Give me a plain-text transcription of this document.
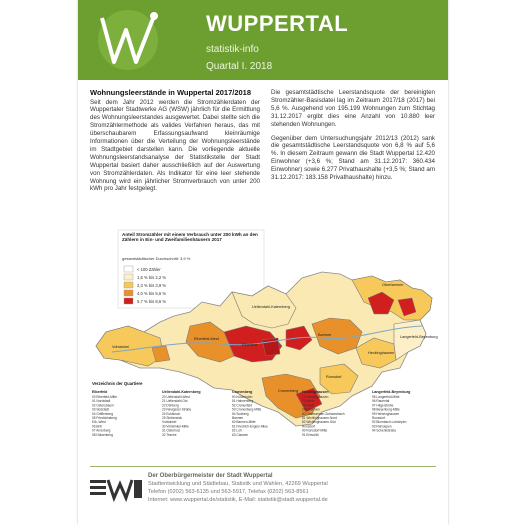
WUPPERTAL
statistik-info
Quartal I. 2018
Wohnungsleerstände in Wuppertal 2017/2018

Seit dem Jahr 2012 werden die Stromzählerdaten der Wuppertaler Stadtwerke AG (WSW) jährlich für die Ermittlung des Wohnungsleerstandes ausgewertet. Dabei stellte sich die Stromzählermethode als valides Verfahren heraus, das mit überschaubarem Erfassungsaufwand kleinräumige Informationen über die Verteilung der Wohnungsleerstände im Stadtgebiet darstellen kann. Die vorliegende aktuelle Wohnungsleerstandsanalyse der Statistikstelle der Stadt Wuppertal basiert daher ausschließlich auf der Auswertung von Stromzählerdaten. Als Indikator für eine leer stehende Wohnung wird ein jährlicher Stromverbrauch von unter 200 kWh pro Jahr festgelegt.

Die gesamtstädtische Leerstandsquote der bereinigten Stromzähler-Basisdatei lag im Zeitraum 2017/18 (2017) bei 5,6 %. Ausgehend von 195.199 Wohnungen zum Stichtag 31.12.2017 ergibt dies eine Anzahl von 10.880 leer stehenden Wohnungen.

Gegenüber dem Untersuchungsjahr 2012/13 (2012) sank die gesamtstädtische Leerstandsquote von 6,8 % auf 5,6 %. In diesem Zeitraum gewann die Stadt Wuppertal 12.420 Einwohner (+3,6 %; Stand am 31.12.2017: 360.434 Einwohner) sowie 6.277 Privathaushalte (+3,5 %; Stand am 31.12.2017: 183.158 Privathaushalte) hinzu.

Anteil Stromzähler mit einem Verbrauch unter 200 kWh an den Zählern in Ein- und Zweifamilienhäusern 2017
gesamtstädtischer Durchschnitt: 3,9 %
< 100 Zähler
1,5 % bis 2,2 %
2,3 % bis 3,9 %
4,0 % bis 5,6 %
5,7 % bis 8,6 %
Uellendahl-Katernberg
Oberbarmen
Elberfeld-West
Elberfeld
Barmen
Heckinghausen
Langerfeld-Beyenburg
Vohwinkel
Cronenberg
Ronsdorf
Verzeichnis der Quartiere
Elberfeld
00 Elberfeld-Mitte
01 Nordstadt
02 Ostersbaum
03 Südstadt
04 Grifflenberg
05 Friedrichsberg
Elb.-West
06 Brill
07 Arrenberg
08 Nützenberg
Uellendahl-Katernberg
20 Uellendahl-West
21 Uellendahl-Ost
22 Dönberg
23 Nevigeser Straße
24 Eckbusch
25 Siebeneick
Vohwinkel
30 Vohwinkel-Mitte
31 Osterholz
32 Tesche
Cronenberg
50 Küllenhahn
51 Hahnerberg
52 Cronenfeld
53 Cronenberg-Mitte
54 Sudberg
Barmen
60 Barmen-Mitte
61 Friedrich-Engels-Allee
62 Loh
63 Clausen
Heckinghausen
70 Heckinghausen
71 Beule
72 Heidt
Oberbarmen
80 Oberbarmen-Schwarzbach
81 Wichlinghausen-Nord
82 Wichlinghausen-Süd
Ronsdorf
90 Ronsdorf-Mitte
91 Erbschlö
Langerfeld-Beyenburg
95 Langerfeld-Mitte
96 Rauental
97 Hilgershöhe
98 Beyenburg-Mitte
99 Herbringhausen
Ronsdorf
92 Blombach-Lohsiepen
93 Rehsiepen
94 Schenkstraße
Der Oberbürgermeister der Stadt Wuppertal
Stadtentwicklung und Städtebau, Statistik und Wahlen, 42269 Wuppertal
Telefon (0202) 563-6135 und 563-5917, Telefax (0202) 563-8561
Internet: www.wuppertal.de/statistik, E-Mail: statistik@stadt.wuppertal.de
